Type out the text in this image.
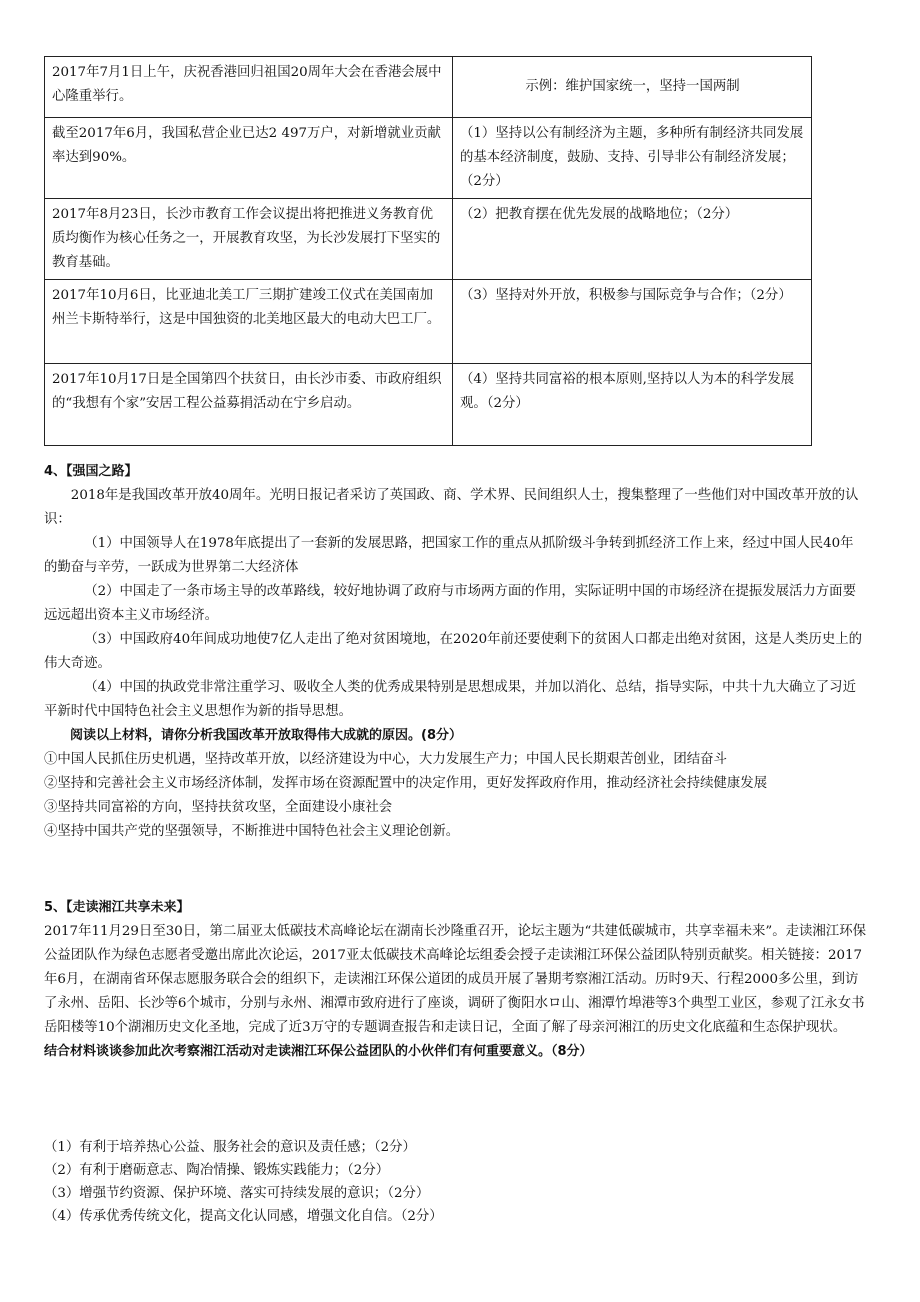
2017年7月1日上午，庆祝香港回归祖国20周年大会在香港会展中心隆重举行。	示例：维护国家统一，坚持一国两制
截至2017年6月，我国私营企业已达2 497万户，对新增就业贡献率达到90%。	（1）坚持以公有制经济为主题，多种所有制经济共同发展的基本经济制度，鼓励、支持、引导非公有制经济发展；（2分）
2017年8月23日，长沙市教育工作会议提出将把推进义务教育优质均衡作为核心任务之一，开展教育攻坚，为长沙发展打下坚实的教育基础。	（2）把教育摆在优先发展的战略地位；（2分）
2017年10月6日，比亚迪北美工厂三期扩建竣工仪式在美国南加州兰卡斯特举行，这是中国独资的北美地区最大的电动大巴工厂。	（3）坚持对外开放，积极参与国际竞争与合作；（2分）
2017年10月17日是全国第四个扶贫日，由长沙市委、市政府组织的“我想有个家”安居工程公益募捐活动在宁乡启动。	（4）坚持共同富裕的根本原则,坚持以人为本的科学发展观。（2分）
4、【强国之路】
2018年是我国改革开放40周年。光明日报记者采访了英国政、商、学术界、民间组织人士，搜集整理了一些他们对中国改革开放的认识：
（1）中国领导人在1978年底提出了一套新的发展思路，把国家工作的重点从抓阶级斗争转到抓经济工作上来，经过中国人民40年的勤奋与辛劳，一跃成为世界第二大经济体
（2）中国走了一条市场主导的改革路线，较好地协调了政府与市场两方面的作用，实际证明中国的市场经济在提振发展活力方面要远远超出资本主义市场经济。
（3）中国政府40年间成功地使7亿人走出了绝对贫困境地，在2020年前还要使剩下的贫困人口都走出绝对贫困，这是人类历史上的伟大奇迹。
（4）中国的执政党非常注重学习、吸收全人类的优秀成果特别是思想成果，并加以消化、总结，指导实际，中共十九大确立了习近平新时代中国特色社会主义思想作为新的指导思想。
阅读以上材料，请你分析我国改革开放取得伟大成就的原因。(8分）
①中国人民抓住历史机遇，坚持改革开放，以经济建设为中心，大力发展生产力；中国人民长期艰苦创业，团结奋斗
②坚持和完善社会主义市场经济体制，发挥市场在资源配置中的决定作用，更好发挥政府作用，推动经济社会持续健康发展
③坚持共同富裕的方向，坚持扶贫攻坚，全面建设小康社会
④坚持中国共产党的坚强领导，不断推进中国特色社会主义理论创新。
5、【走读湘江共享未来】
2017年11月29日至30日，第二届亚太低碳技术高峰论坛在湖南长沙隆重召开，论坛主题为“共建低碳城市，共享幸福未来”。走读湘江环保公益团队作为绿色志愿者受邀出席此次论运，2017亚太低碳技术高峰论坛组委会授子走读湘江环保公益团队特别贡献奖。相关链接：2017年6月，在湖南省环保志愿服务联合会的组织下，走读湘江环保公道团的成员开展了暑期考察湘江活动。历时9天、行程2000多公里，到访了永州、岳阳、长沙等6个城市，分别与永州、湘潭市致府进行了座谈，调研了衡阳水ロ山、湘潭竹埠港等3个典型工业区，参观了江永女书岳阳楼等10个湖湘历史文化圣地，完成了近3万守的专题调查报告和走读日记，全面了解了母亲河湘江的历史文化底蕴和生态保护现状。
结合材料谈谈参加此次考察湘江活动对走读湘江环保公益团队的小伙伴们有何重要意义。（8分）
（1）有利于培养热心公益、服务社会的意识及责任感；（2分）
（2）有利于磨砺意志、陶冶情操、锻炼实践能力；（2分）
（3）增强节约资源、保护环境、落实可持续发展的意识；（2分）
（4）传承优秀传统文化，提高文化认同感，增强文化自信。（2分）
